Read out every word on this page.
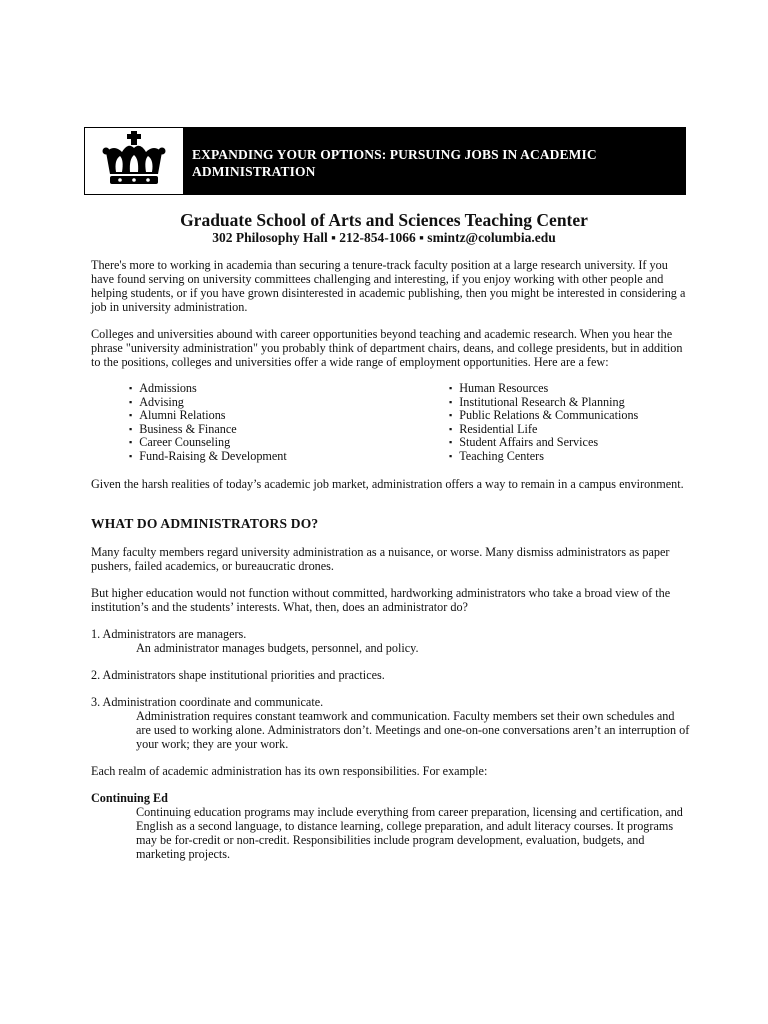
EXPANDING YOUR OPTIONS: PURSUING JOBS IN ACADEMIC
ADMINISTRATION
Graduate School of Arts and Sciences Teaching Center
302 Philosophy Hall ▪ 212-854-1066 ▪ smintz@columbia.edu

There's more to working in academia than securing a tenure-track faculty position at a large research university. If you have found serving on university committees challenging and interesting, if you enjoy working with other people and helping students, or if you have grown disinterested in academic publishing, then you might be interested in considering a job in university administration.

Colleges and universities abound with career opportunities beyond teaching and academic research. When you hear the phrase "university administration" you probably think of department chairs, deans, and college presidents, but in addition to the positions, colleges and universities offer a wide range of employment opportunities. Here are a few:

▪ Admissions
▪ Advising
▪ Alumni Relations
▪ Business & Finance
▪ Career Counseling
▪ Fund-Raising & Development
▪ Human Resources
▪ Institutional Research & Planning
▪ Public Relations & Communications
▪ Residential Life
▪ Student Affairs and Services
▪ Teaching Centers

Given the harsh realities of today’s academic job market, administration offers a way to remain in a campus environment.

WHAT DO ADMINISTRATORS DO?

Many faculty members regard university administration as a nuisance, or worse. Many dismiss administrators as paper pushers, failed academics, or bureaucratic drones.

But higher education would not function without committed, hardworking administrators who take a broad view of the institution’s and the students’ interests. What, then, does an administrator do?

1. Administrators are managers.
An administrator manages budgets, personnel, and policy.

2. Administrators shape institutional priorities and practices.

3. Administration coordinate and communicate.
Administration requires constant teamwork and communication. Faculty members set their own schedules and are used to working alone. Administrators don’t. Meetings and one-on-one conversations aren’t an interruption of your work; they are your work.

Each realm of academic administration has its own responsibilities. For example:

Continuing Ed
Continuing education programs may include everything from career preparation, licensing and certification, and English as a second language, to distance learning, college preparation, and adult literacy courses. It programs may be for-credit or non-credit. Responsibilities include program development, evaluation, budgets, and marketing projects.
